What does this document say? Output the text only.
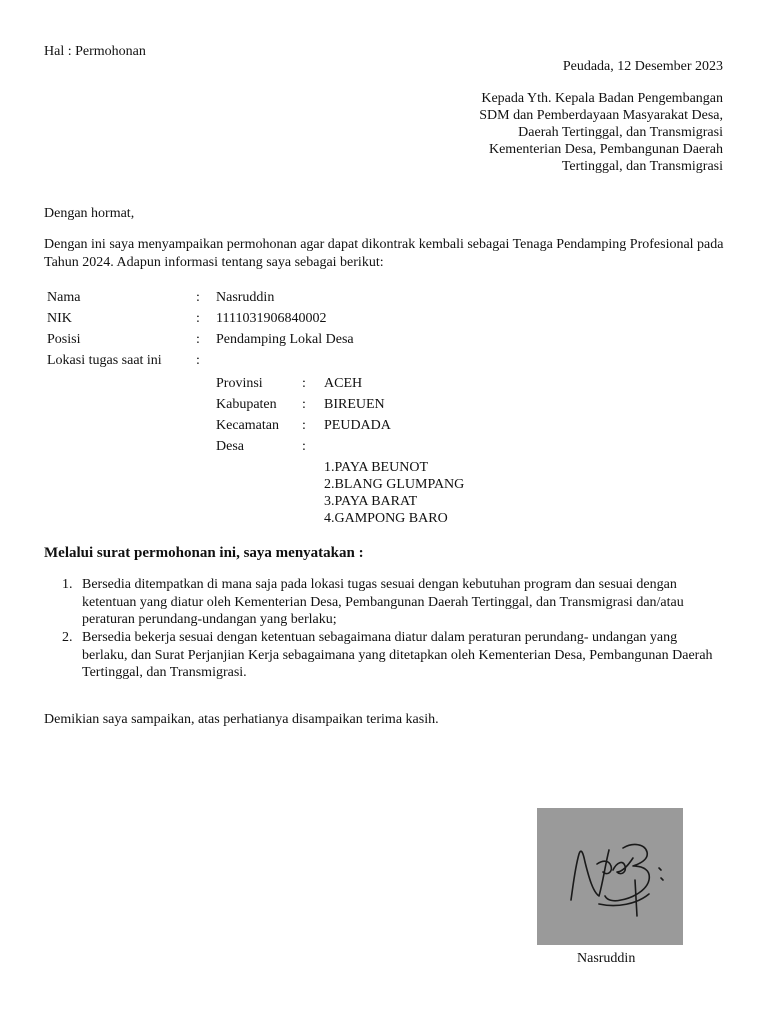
Hal : Permohonan
Peudada, 12 Desember 2023
Kepada Yth. Kepala Badan Pengembangan
SDM dan Pemberdayaan Masyarakat Desa,
Daerah Tertinggal, dan Transmigrasi
Kementerian Desa, Pembangunan Daerah
Tertinggal, dan Transmigrasi
Dengan hormat,
Dengan ini saya menyampaikan permohonan agar dapat dikontrak kembali sebagai Tenaga Pendamping Profesional pada Tahun 2024. Adapun informasi tentang saya sebagai berikut:
Nama	: Nasruddin
NIK	: 1111031906840002
Posisi	: Pendamping Lokal Desa
Lokasi tugas saat ini :
Provinsi	: ACEH
Kabupaten : BIREUEN
Kecamatan : PEUDADA
Desa	:
1.PAYA BEUNOT
2.BLANG GLUMPANG
3.PAYA BARAT
4.GAMPONG BARO
Melalui surat permohonan ini, saya menyatakan :
1. Bersedia ditempatkan di mana saja pada lokasi tugas sesuai dengan kebutuhan program dan sesuai dengan ketentuan yang diatur oleh Kementerian Desa, Pembangunan Daerah Tertinggal, dan Transmigrasi dan/atau peraturan perundang-undangan yang berlaku;
2. Bersedia bekerja sesuai dengan ketentuan sebagaimana diatur dalam peraturan perundang- undangan yang berlaku, dan Surat Perjanjian Kerja sebagaimana yang ditetapkan oleh Kementerian Desa, Pembangunan Daerah Tertinggal, dan Transmigrasi.
Demikian saya sampaikan, atas perhatianya disampaikan terima kasih.
Nasruddin
